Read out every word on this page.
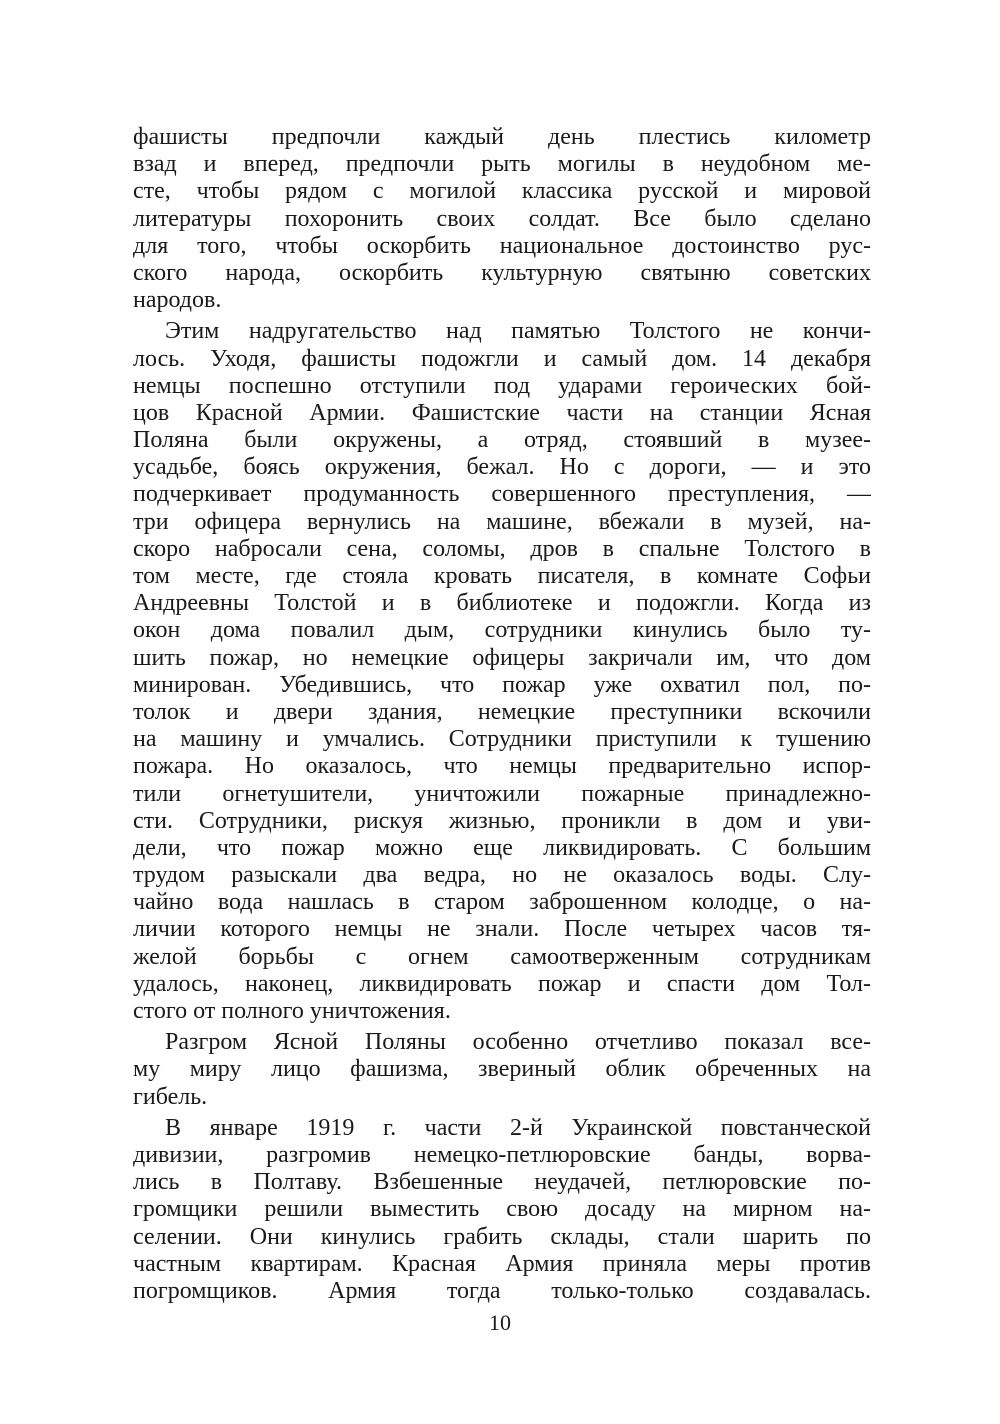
фашисты предпочли каждый день плестись километр
взад и вперед, предпочли рыть могилы в неудобном ме-
сте, чтобы рядом с могилой классика русской и мировой
литературы похоронить своих солдат. Все было сделано
для того, чтобы оскорбить национальное достоинство рус-
ского народа, оскорбить культурную святыню советских
народов.
Этим надругательство над памятью Толстого не кончи-
лось. Уходя, фашисты подожгли и самый дом. 14 декабря
немцы поспешно отступили под ударами героических бой-
цов Красной Армии. Фашистские части на станции Ясная
Поляна были окружены, а отряд, стоявший в музее-
усадьбе, боясь окружения, бежал. Но с дороги, — и это
подчеркивает продуманность совершенного преступления, —
три офицера вернулись на машине, вбежали в музей, на-
скоро набросали сена, соломы, дров в спальне Толстого в
том месте, где стояла кровать писателя, в комнате Софьи
Андреевны Толстой и в библиотеке и подожгли. Когда из
окон дома повалил дым, сотрудники кинулись было ту-
шить пожар, но немецкие офицеры закричали им, что дом
минирован. Убедившись, что пожар уже охватил пол, по-
толок и двери здания, немецкие преступники вскочили
на машину и умчались. Сотрудники приступили к тушению
пожара. Но оказалось, что немцы предварительно испор-
тили огнетушители, уничтожили пожарные принадлежно-
сти. Сотрудники, рискуя жизнью, проникли в дом и уви-
дели, что пожар можно еще ликвидировать. С большим
трудом разыскали два ведра, но не оказалось воды. Слу-
чайно вода нашлась в старом заброшенном колодце, о на-
личии которого немцы не знали. После четырех часов тя-
желой борьбы с огнем самоотверженным сотрудникам
удалось, наконец, ликвидировать пожар и спасти дом Тол-
стого от полного уничтожения.
Разгром Ясной Поляны особенно отчетливо показал все-
му миру лицо фашизма, звериный облик обреченных на
гибель.
В январе 1919 г. части 2-й Украинской повстанческой
дивизии, разгромив немецко-петлюровские банды, ворва-
лись в Полтаву. Взбешенные неудачей, петлюровские по-
громщики решили выместить свою досаду на мирном на-
селении. Они кинулись грабить склады, стали шарить по
частным квартирам. Красная Армия приняла меры против
погромщиков. Армия тогда только-только создавалась.
10
